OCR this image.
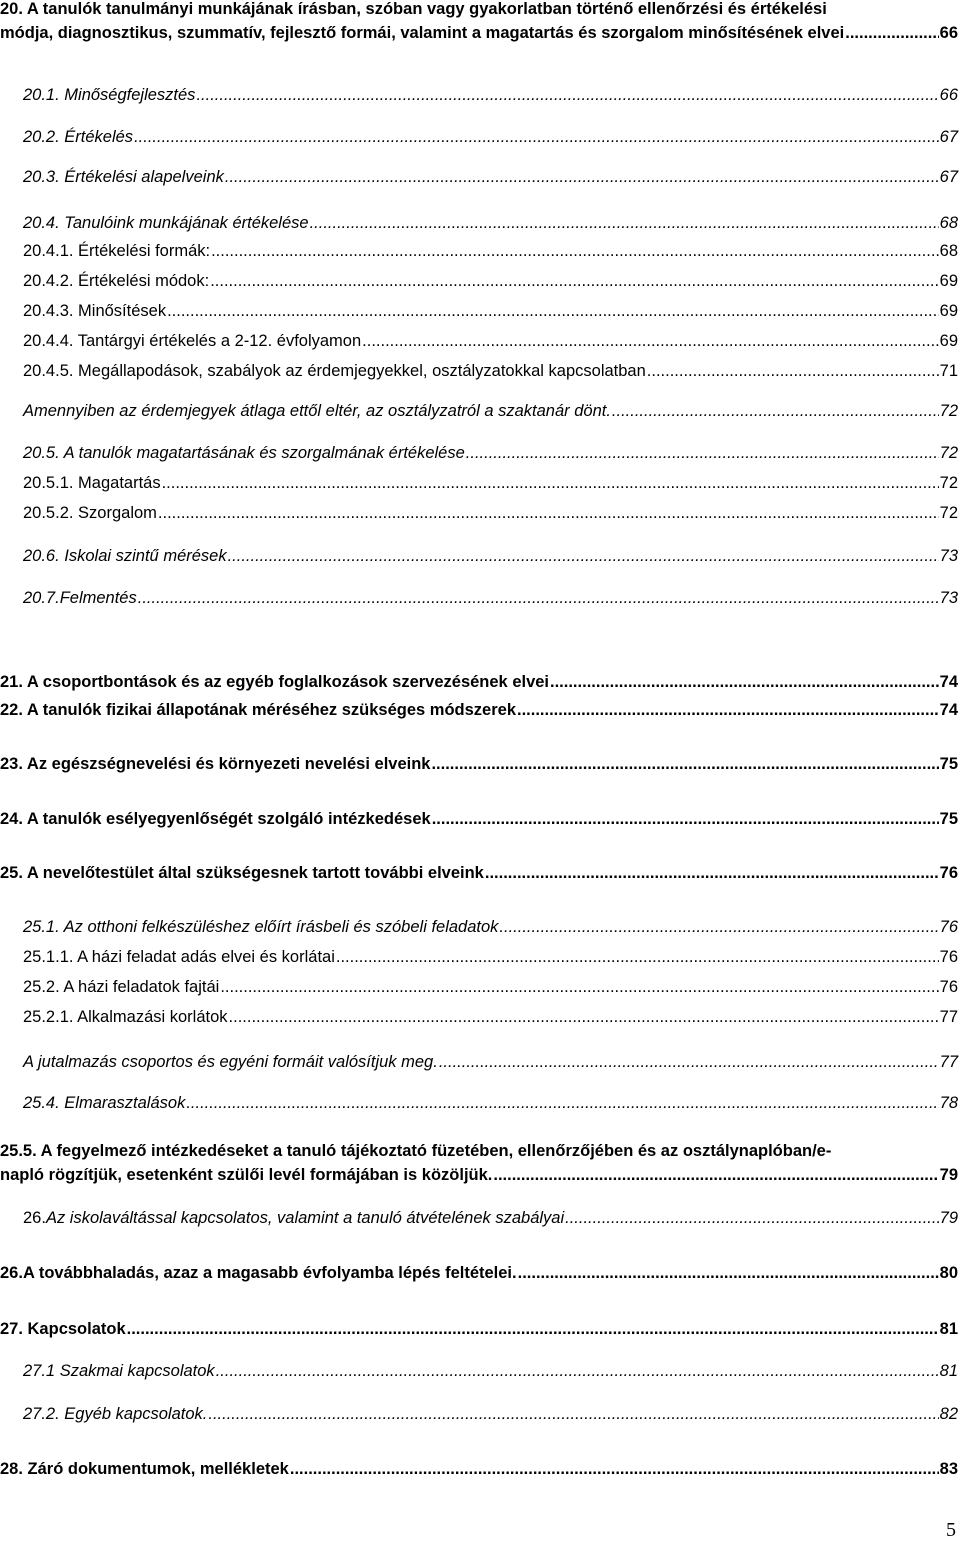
20. A tanulók tanulmányi munkájának írásban, szóban vagy gyakorlatban történő ellenőrzési és értékelési
módja, diagnosztikus, szummatív, fejlesztő formái, valamint a magatartás és szorgalom minősítésének elvei .....	66
20.1. Minőségfejlesztés .....	66
20.2. Értékelés .....	67
20.3. Értékelési alapelveink .....	67
20.4. Tanulóink munkájának értékelése .....	68
20.4.1. Értékelési formák: .....	68
20.4.2. Értékelési módok: .....	69
20.4.3. Minősítések .....	69
20.4.4. Tantárgyi értékelés a 2-12. évfolyamon .....	69
20.4.5. Megállapodások, szabályok az érdemjegyekkel, osztályzatokkal kapcsolatban .....	71
Amennyiben az érdemjegyek átlaga ettől eltér, az osztályzatról a szaktanár dönt. .....	72
20.5. A tanulók magatartásának és szorgalmának értékelése .....	72
20.5.1. Magatartás .....	72
20.5.2. Szorgalom .....	72
20.6. Iskolai szintű mérések .....	73
20.7.Felmentés .....	73
21. A csoportbontások és az egyéb foglalkozások szervezésének elvei .....	74
22. A tanulók fizikai állapotának méréséhez szükséges módszerek .....	74
23. Az egészségnevelési és környezeti nevelési elveink .....	75
24. A tanulók esélyegyenlőségét szolgáló intézkedések .....	75
25. A nevelőtestület által szükségesnek tartott további elveink .....	76
25.1. Az otthoni felkészüléshez előírt írásbeli és szóbeli feladatok .....	76
25.1.1. A házi feladat adás elvei és korlátai .....	76
25.2. A házi feladatok fajtái .....	76
25.2.1. Alkalmazási korlátok .....	77
A jutalmazás csoportos és egyéni formáit valósítjuk meg. .....	77
25.4. Elmarasztalások .....	78
25.5. A fegyelmező intézkedéseket a tanuló tájékoztató füzetében, ellenőrzőjében és az osztálynaplóban/e-
napló rögzítjük, esetenként szülői levél formájában is közöljük. .....	79
26. Az iskolaváltással kapcsolatos, valamint a tanuló átvételének szabályai .....	79
26. A továbbhaladás, azaz a magasabb évfolyamba lépés feltételei. .....	80
27. Kapcsolatok .....	81
27.1 Szakmai kapcsolatok .....	81
27.2. Egyéb kapcsolatok. .....	82
28. Záró dokumentumok, mellékletek .....	83
5
